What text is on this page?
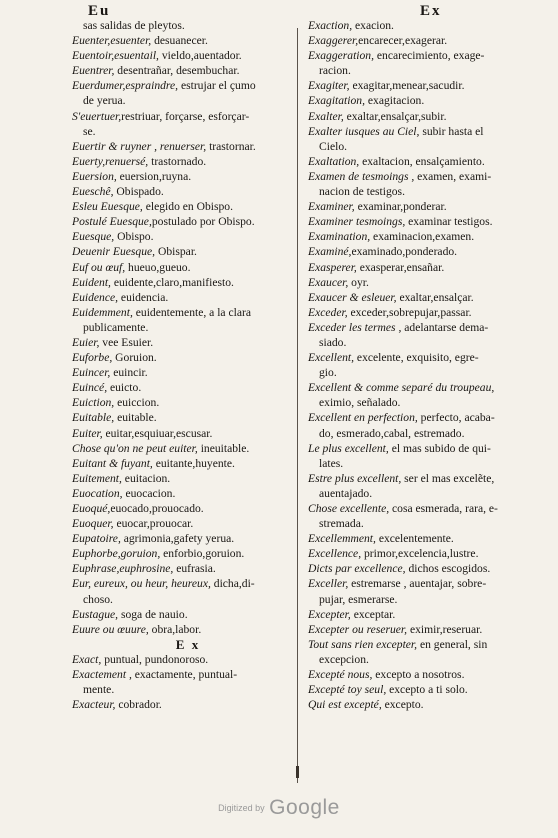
Eu	Ex

sas salidas de pleytos.

Euenter,esuenter, desuanecer.

Euentoir,esuentail, vieldo,auentador.

Euentrer, desentrañar, desembuchar.

Euerdumer,espraindre, estrujar el çumo

de yerua.

S'euertuer,restriuar, forçarse, esforçar-

se.

Euertir & ruyner , renuerser, trastornar.

Euerty,renuersé, trastornado.

Euersion, euersion,ruyna.

Eueschê, Obispado.

Esleu Euesque, elegido en Obispo.

Postulé Euesque,postulado por Obispo.

Euesque, Obispo.

Deuenir Euesque, Obispar.

Euf ou œuf, hueuo,gueuo.

Euident, euidente,claro,manifiesto.

Euidence, euidencia.

Euidemment, euidentemente, a la clara

publicamente.

Euier, vee Esuier.

Euforbe, Goruion.

Euincer, euincir.

Euincé, euicto.

Euiction, euiccion.

Euitable, euitable.

Euiter, euitar,esquiuar,escusar.

Chose qu'on ne peut euiter, ineuitable.

Euitant & fuyant, euitante,huyente.

Euitement, euitacion.

Euocation, euocacion.

Euoqué,euocado,prouocado.

Euoquer, euocar,prouocar.

Eupatoire, agrimonia,gafety yerua.

Euphorbe,goruion, enforbio,goruion.

Euphrase,euphrosine, eufrasia.

Eur, eureux, ou heur, heureux, dicha,di-

choso.

Eustague, soga de nauio.

Euure ou œuure, obra,labor.

E x

Exact, puntual, pundonoroso.

Exactement , exactamente, puntual-

mente.

Exacteur, cobrador.

Exaction, exacion.

Exaggerer,encarecer,exagerar.

Exaggeration, encarecimiento, exage-

racion.

Exagiter, exagitar,menear,sacudir.

Exagitation, exagitacion.

Exalter, exaltar,ensalçar,subir.

Exalter iusques au Ciel, subir hasta el

Cielo.

Exaltation, exaltacion, ensalçamiento.

Examen de tesmoings , examen, exami-

nacion de testigos.

Examiner, examinar,ponderar.

Examiner tesmoings, examinar testigos.

Examination, examinacion,examen.

Examiné,examinado,ponderado.

Exasperer, exasperar,ensañar.

Exaucer, oyr.

Exaucer & esleuer, exaltar,ensalçar.

Exceder, exceder,sobrepujar,passar.

Exceder les termes , adelantarse dema-

siado.

Excellent, excelente, exquisito, egre-

gio.

Excellent & comme separé du troupeau,

eximio, señalado.

Excellent en perfection, perfecto, acaba-

do, esmerado,cabal, estremado.

Le plus excellent, el mas subido de qui-

lates.

Estre plus excellent, ser el mas excelẽte,

auentajado.

Chose excellente, cosa esmerada, rara, e-

stremada.

Excellemment, excelentemente.

Excellence, primor,excelencia,lustre.

Dicts par excellence, dichos escogidos.

Exceller, estremarse , auentajar, sobre-

pujar, esmerarse.

Excepter, exceptar.

Excepter ou reseruer, eximir,reseruar.

Tout sans rien excepter, en general, sin

excepcion.

Excepté nous, excepto a nosotros.

Excepté toy seul, excepto a ti solo.

Qui est excepté, excepto.

Digitized by Google
